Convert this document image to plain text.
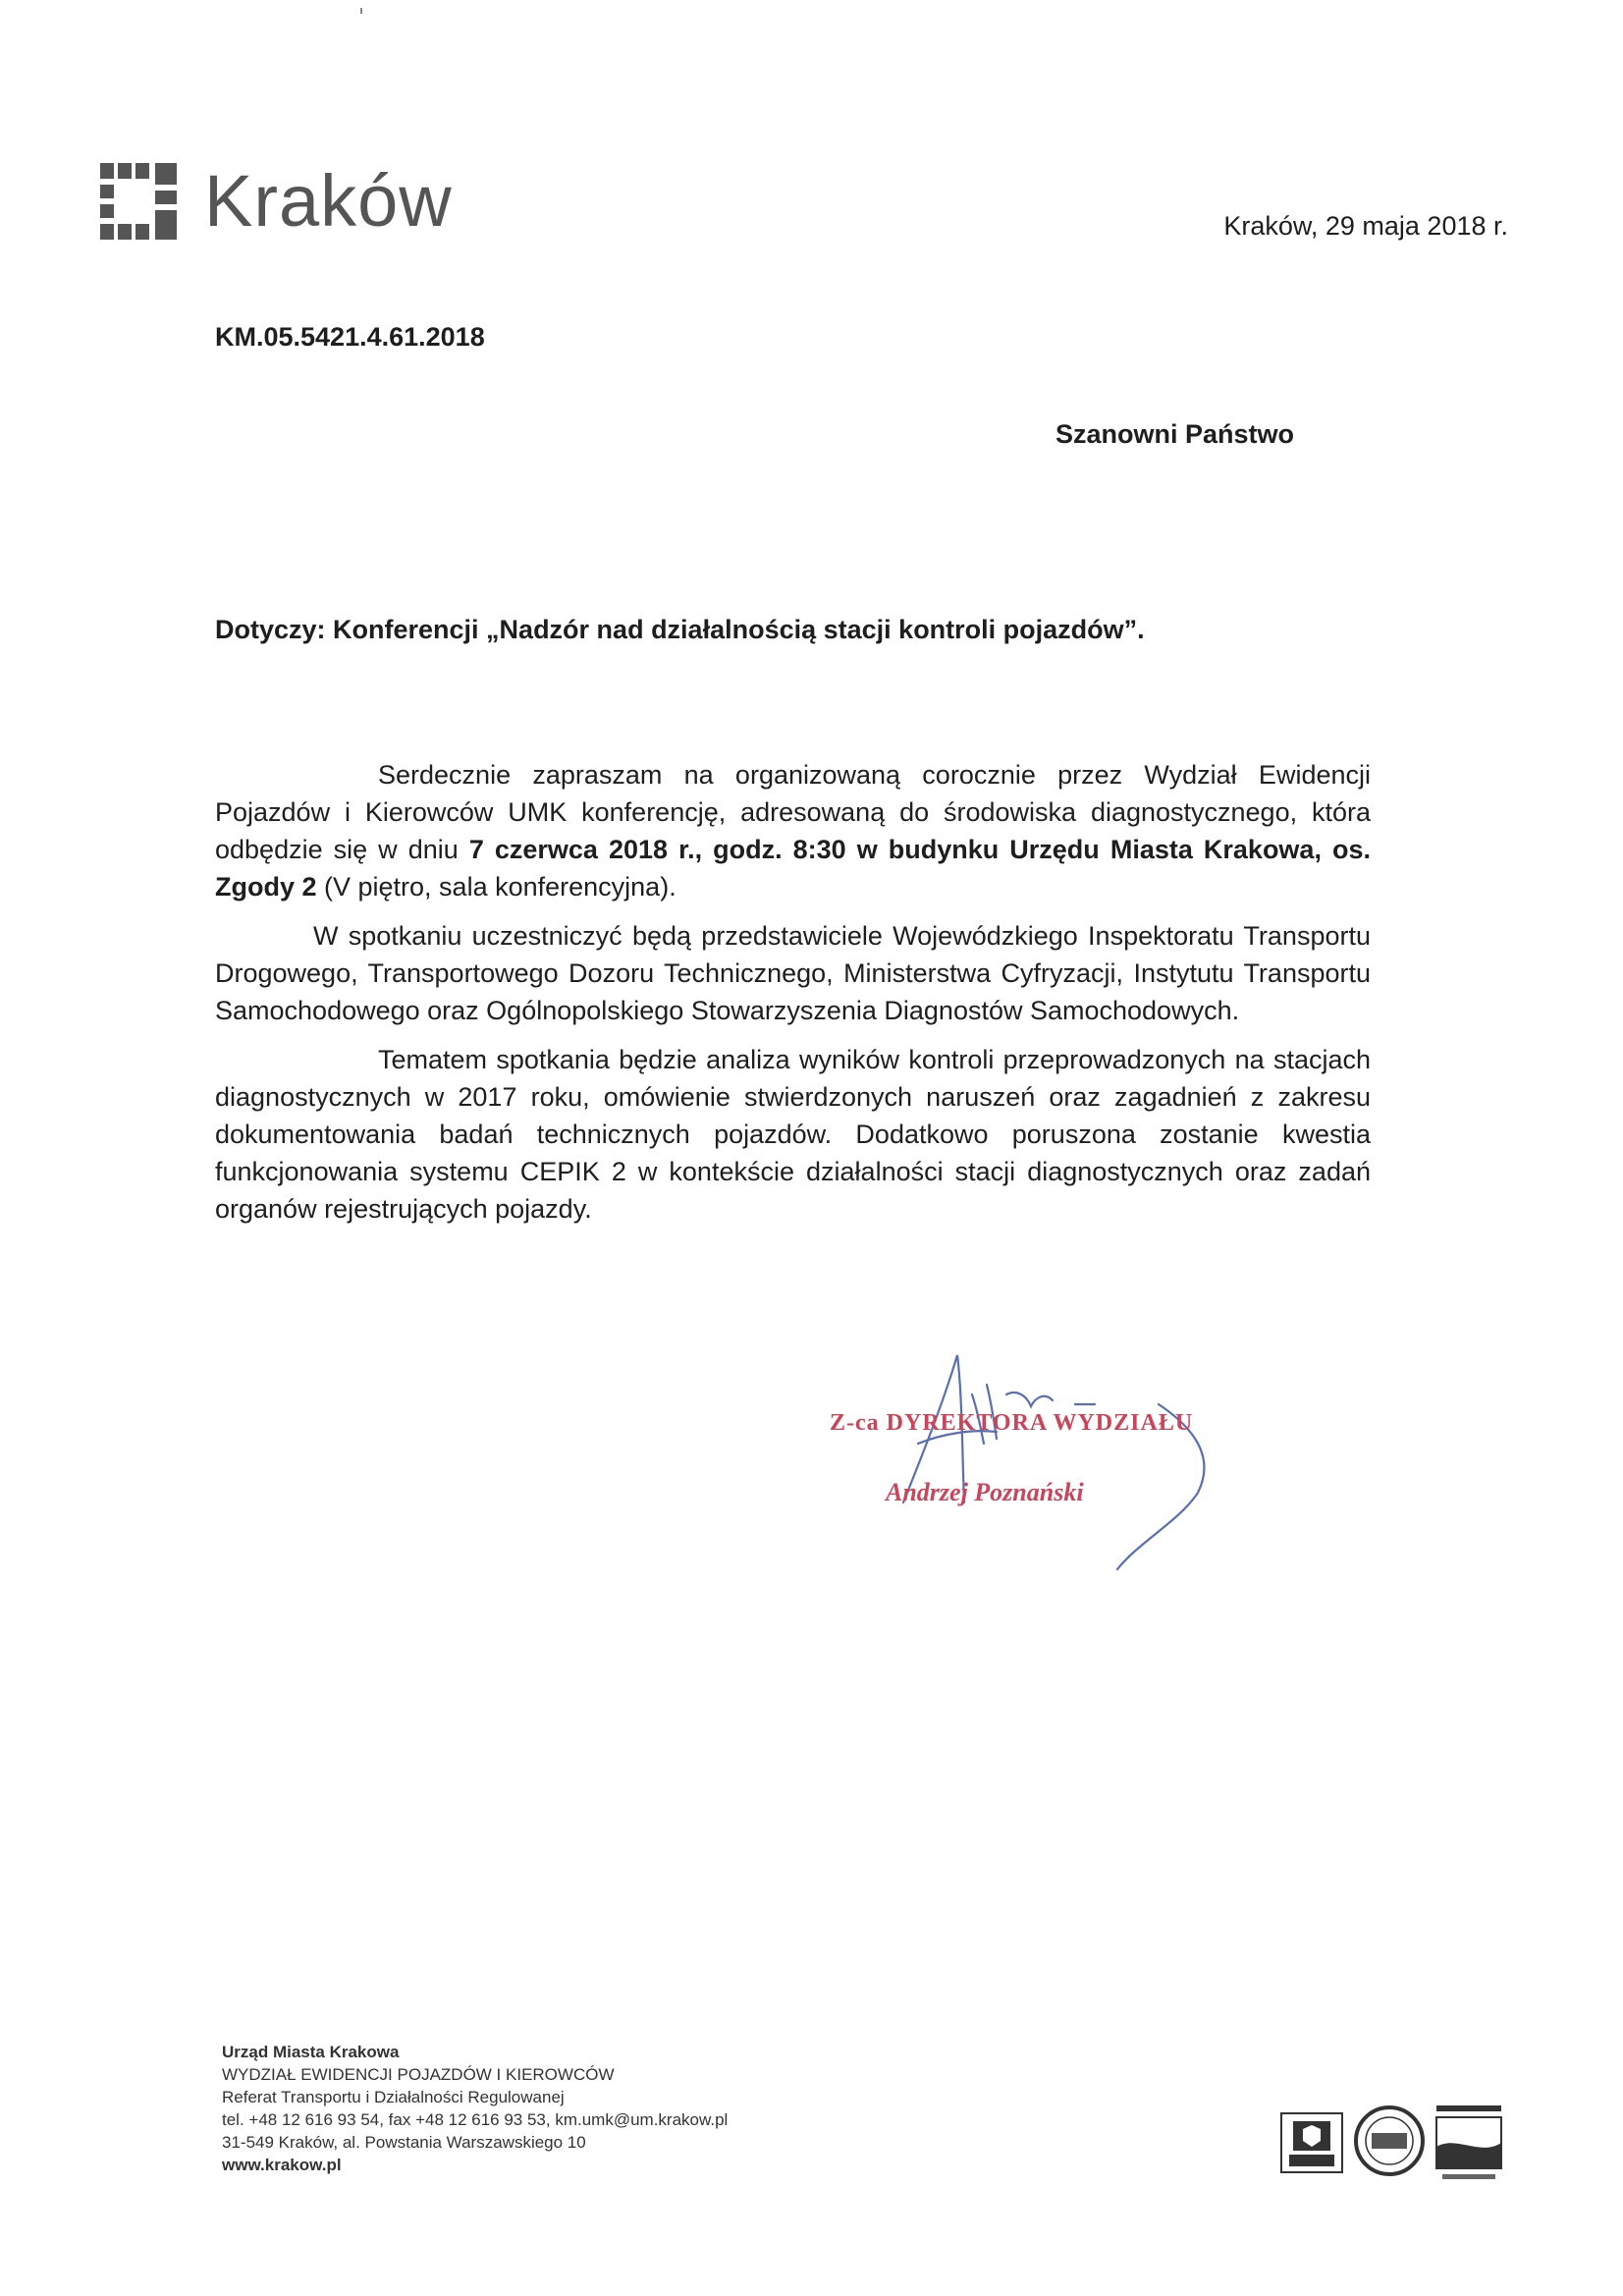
Kraków	Kraków, 29 maja 2018 r.
KM.05.5421.4.61.2018
Szanowni Państwo
Dotyczy: Konferencji „Nadzór nad działalnością stacji kontroli pojazdów”.

Serdecznie zapraszam na organizowaną corocznie przez Wydział Ewidencji Pojazdów i Kierowców UMK konferencję, adresowaną do środowiska diagnostycznego, która odbędzie się w dniu 7 czerwca 2018 r., godz. 8:30 w budynku Urzędu Miasta Krakowa, os. Zgody 2 (V piętro, sala konferencyjna).

W spotkaniu uczestniczyć będą przedstawiciele Wojewódzkiego Inspektoratu Transportu Drogowego, Transportowego Dozoru Technicznego, Ministerstwa Cyfryzacji, Instytutu Transportu Samochodowego oraz Ogólnopolskiego Stowarzyszenia Diagnostów Samochodowych.

Tematem spotkania będzie analiza wyników kontroli przeprowadzonych na stacjach diagnostycznych w 2017 roku, omówienie stwierdzonych naruszeń oraz zagadnień z zakresu dokumentowania badań technicznych pojazdów. Dodatkowo poruszona zostanie kwestia funkcjonowania systemu CEPIK 2 w kontekście działalności stacji diagnostycznych oraz zadań organów rejestrujących pojazdy.

Z-ca DYREKTORA WYDZIAŁU
Andrzej Poznański
Urząd Miasta Krakowa
WYDZIAŁ EWIDENCJI POJAZDÓW I KIEROWCÓW
Referat Transportu i Działalności Regulowanej
tel. +48 12 616 93 54, fax +48 12 616 93 53, km.umk@um.krakow.pl
31-549 Kraków, al. Powstania Warszawskiego 10
www.krakow.pl
